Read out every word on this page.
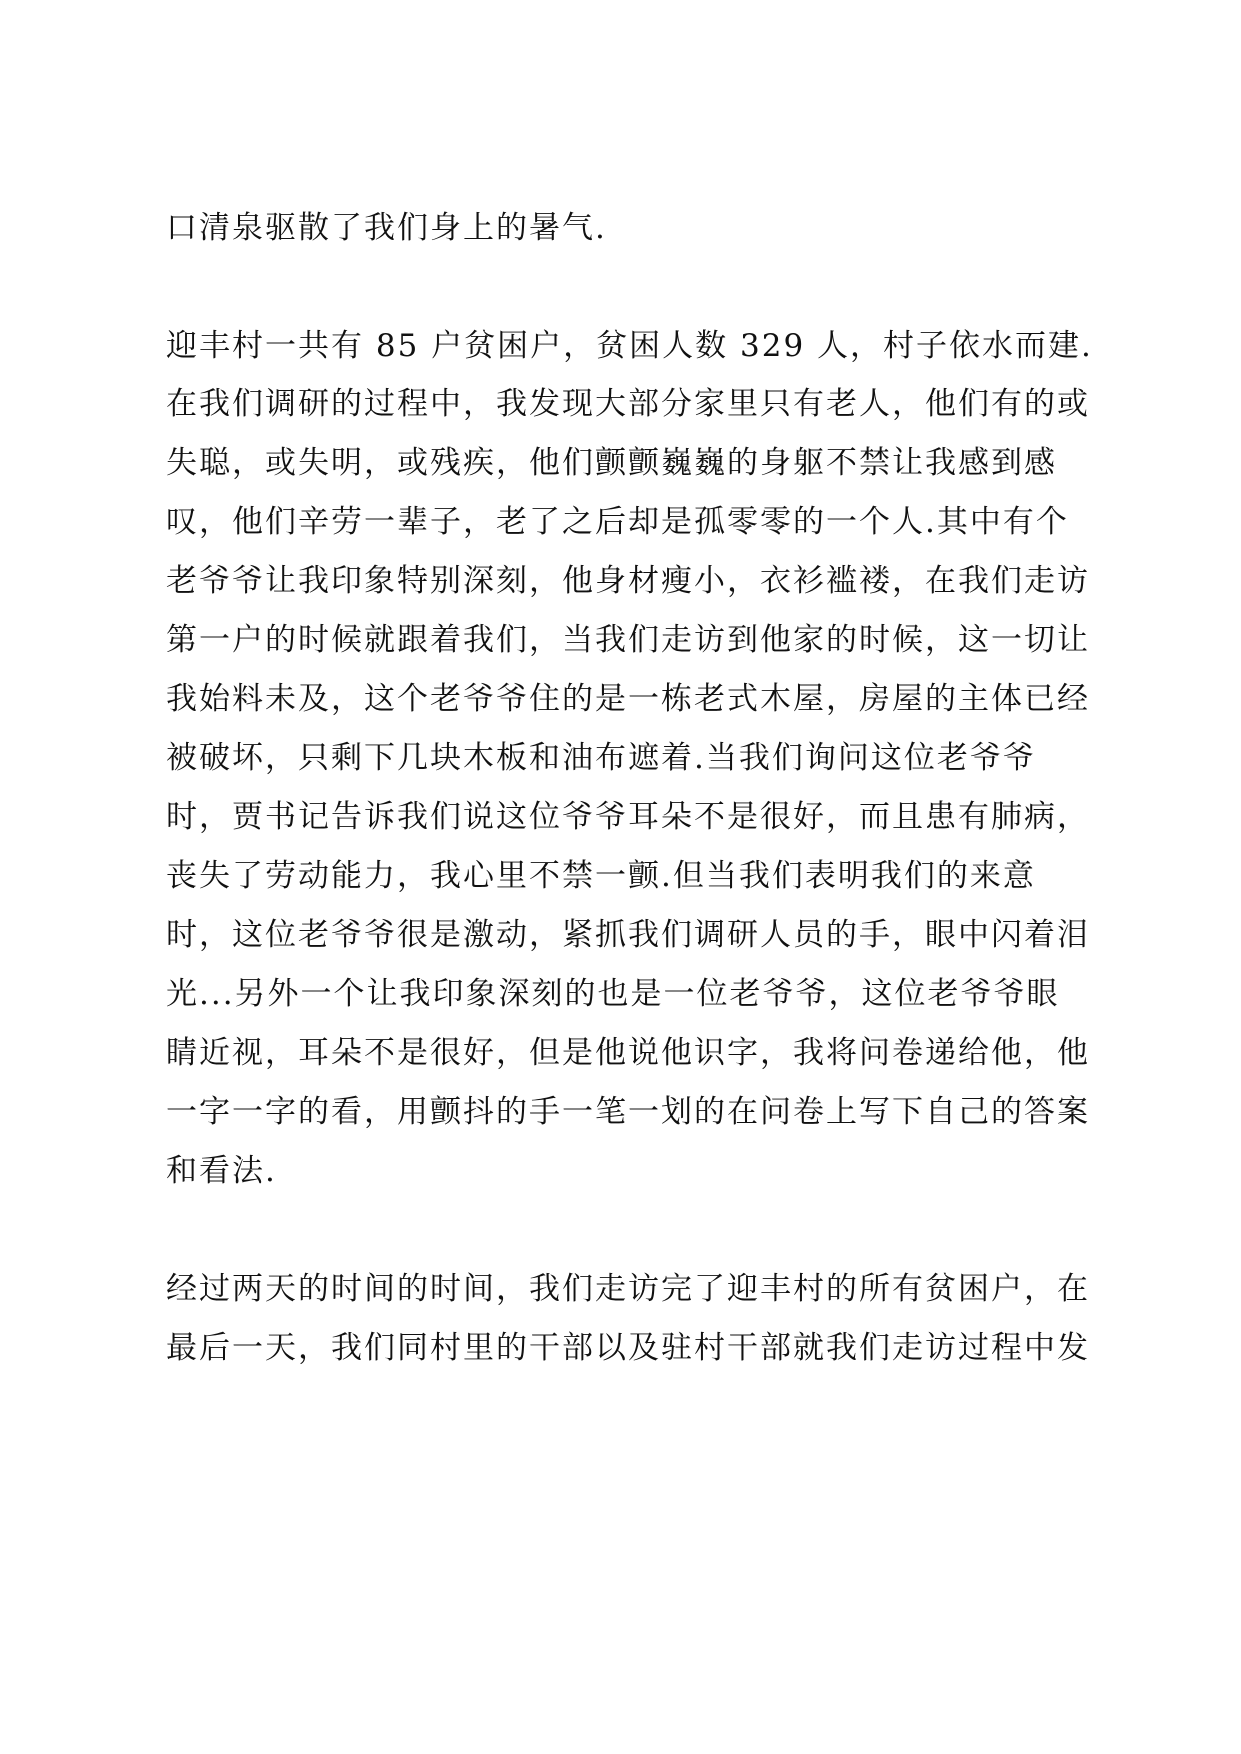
口清泉驱散了我们身上的暑气.
迎丰村一共有 85 户贫困户，贫困人数 329 人，村子依水而建.
在我们调研的过程中，我发现大部分家里只有老人，他们有的或
失聪，或失明，或残疾，他们颤颤巍巍的身躯不禁让我感到感
叹，他们辛劳一辈子，老了之后却是孤零零的一个人.其中有个
老爷爷让我印象特别深刻，他身材瘦小，衣衫褴褛，在我们走访
第一户的时候就跟着我们，当我们走访到他家的时候，这一切让
我始料未及，这个老爷爷住的是一栋老式木屋，房屋的主体已经
被破坏，只剩下几块木板和油布遮着.当我们询问这位老爷爷
时，贾书记告诉我们说这位爷爷耳朵不是很好，而且患有肺病，
丧失了劳动能力，我心里不禁一颤.但当我们表明我们的来意
时，这位老爷爷很是激动，紧抓我们调研人员的手，眼中闪着泪
光...另外一个让我印象深刻的也是一位老爷爷，这位老爷爷眼
睛近视，耳朵不是很好，但是他说他识字，我将问卷递给他，他
一字一字的看，用颤抖的手一笔一划的在问卷上写下自己的答案
和看法.
经过两天的时间的时间，我们走访完了迎丰村的所有贫困户，在
最后一天，我们同村里的干部以及驻村干部就我们走访过程中发
